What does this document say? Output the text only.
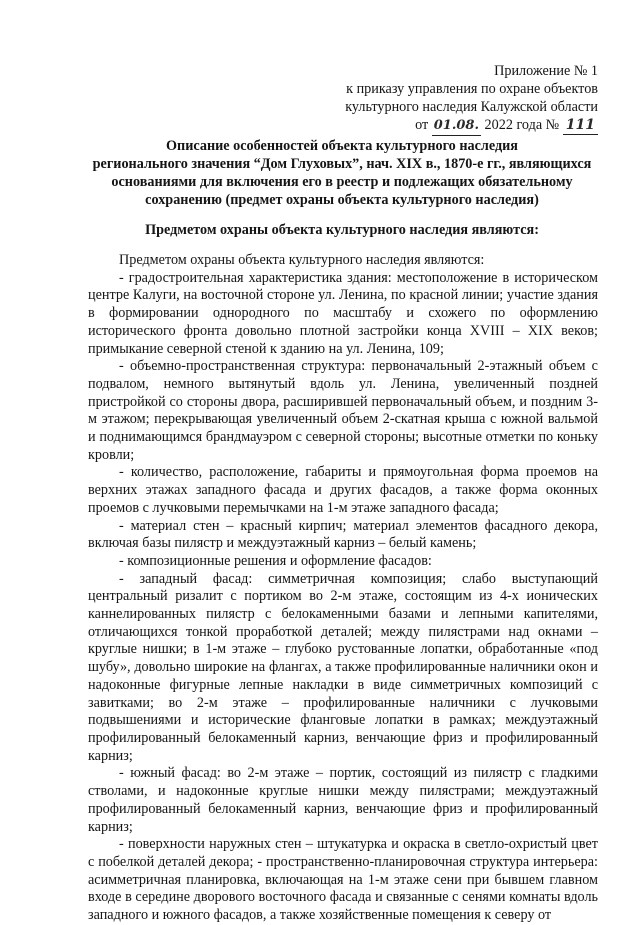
Приложение № 1
к приказу управления по охране объектов
культурного наследия Калужской области
от 01.08. 2022 года № 111
Описание особенностей объекта культурного наследия
регионального значения “Дом Глуховых”, нач. XIX в., 1870-е гг., являющихся
основаниями для включения его в реестр и подлежащих обязательному
сохранению (предмет охраны объекта культурного наследия)
Предметом охраны объекта культурного наследия являются:

Предметом охраны объекта культурного наследия являются:

- градостроительная характеристика здания: местоположение в историческом центре Калуги, на восточной стороне ул. Ленина, по красной линии; участие здания в формировании однородного по масштабу и схожего по оформлению исторического фронта довольно плотной застройки конца XVIII – XIX веков; примыкание северной стеной к зданию на ул. Ленина, 109;

- объемно-пространственная структура: первоначальный 2-этажный объем с подвалом, немного вытянутый вдоль ул. Ленина, увеличенный поздней пристройкой со стороны двора, расширившей первоначальный объем, и поздним 3-м этажом; перекрывающая увеличенный объем 2-скатная крыша с южной вальмой и поднимающимся брандмауэром с северной стороны; высотные отметки по коньку кровли;

- количество, расположение, габариты и прямоугольная форма проемов на верхних этажах западного фасада и других фасадов, а также форма оконных проемов с лучковыми перемычками на 1-м этаже западного фасада;

- материал стен – красный кирпич; материал элементов фасадного декора, включая базы пилястр и междуэтажный карниз – белый камень;

- композиционные решения и оформление фасадов:

- западный фасад: симметричная композиция; слабо выступающий центральный ризалит с портиком во 2-м этаже, состоящим из 4-х ионических каннелированных пилястр с белокаменными базами и лепными капителями, отличающихся тонкой проработкой деталей; между пилястрами над окнами – круглые нишки; в 1-м этаже – глубоко рустованные лопатки, обработанные «под шубу», довольно широкие на флангах, а также профилированные наличники окон и надоконные фигурные лепные накладки в виде симметричных композиций с завитками; во 2-м этаже – профилированные наличники с лучковыми подвышениями и исторические фланговые лопатки в рамках; междуэтажный профилированный белокаменный карниз, венчающие фриз и профилированный карниз;

- южный фасад: во 2-м этаже – портик, состоящий из пилястр с гладкими стволами, и надоконные круглые нишки между пилястрами; междуэтажный профилированный белокаменный карниз, венчающие фриз и профилированный карниз;

- поверхности наружных стен – штукатурка и окраска в светло-охристый цвет с побелкой деталей декора; - пространственно-планировочная структура интерьера: асимметричная планировка, включающая на 1-м этаже сени при бывшем главном входе в середине дворового восточного фасада и связанные с сенями комнаты вдоль западного и южного фасадов, а также хозяйственные помещения к северу от
